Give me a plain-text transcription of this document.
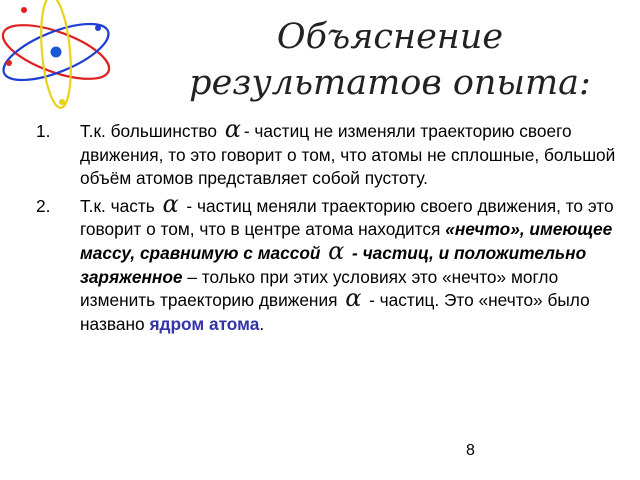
Объяснение
результатов опыта:
1. Т.к. большинство α - частиц не изменяли траекторию своего движения, то это говорит о том, что атомы не сплошные, большой объём атомов представляет собой пустоту.
2. Т.к. часть α - частиц меняли траекторию своего движения, то это говорит о том, что в центре атома находится «нечто», имеющее массу, сравнимую с массой α - частиц, и положительно заряженное – только при этих условиях это «нечто» могло изменить траекторию движения α - частиц. Это «нечто» было названо ядром атома.
8
